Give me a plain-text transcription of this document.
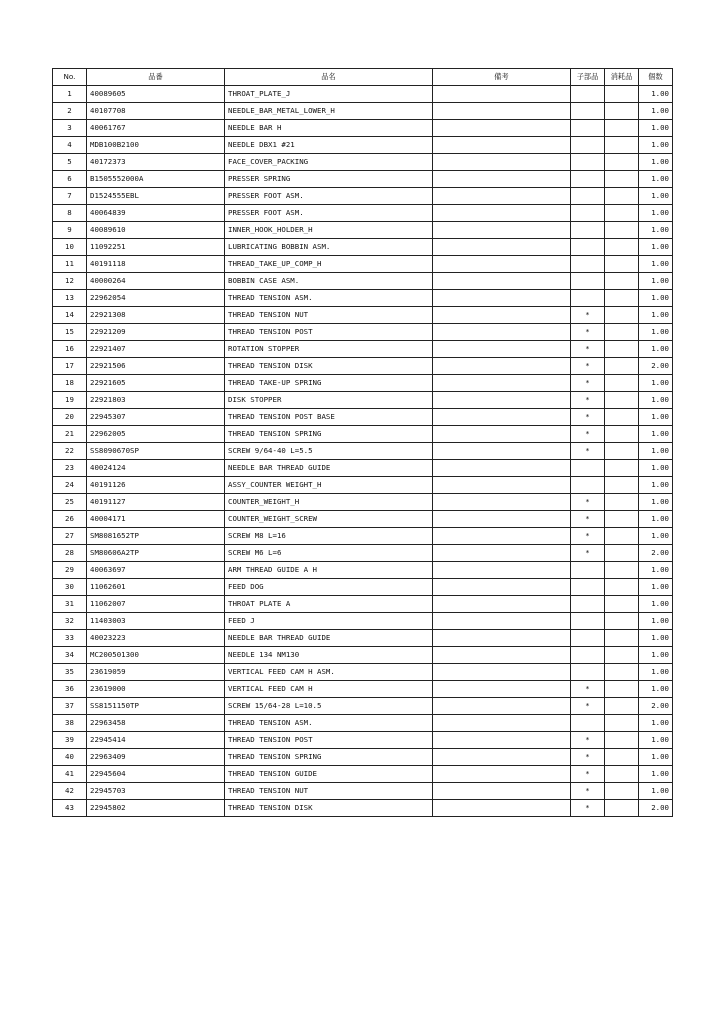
No.	品番	品名	備考	子部品	消耗品	個数
1	40089605	THROAT_PLATE_J				1.00
2	40107708	NEEDLE_BAR_METAL_LOWER_H				1.00
3	40061767	NEEDLE BAR H				1.00
4	MDB100B2100	NEEDLE DBX1 #21				1.00
5	40172373	FACE_COVER_PACKING				1.00
6	B1505552000A	PRESSER SPRING				1.00
7	D1524555EBL	PRESSER FOOT ASM.				1.00
8	40064839	PRESSER FOOT ASM.				1.00
9	40089610	INNER_HOOK_HOLDER_H				1.00
10	11092251	LUBRICATING BOBBIN ASM.				1.00
11	40191118	THREAD_TAKE_UP_COMP_H				1.00
12	40000264	BOBBIN CASE ASM.				1.00
13	22962054	THREAD TENSION ASM.				1.00
14	22921308	THREAD TENSION NUT		*		1.00
15	22921209	THREAD TENSION POST		*		1.00
16	22921407	ROTATION STOPPER		*		1.00
17	22921506	THREAD TENSION DISK		*		2.00
18	22921605	THREAD TAKE-UP SPRING		*		1.00
19	22921803	DISK STOPPER		*		1.00
20	22945307	THREAD TENSION POST BASE		*		1.00
21	22962005	THREAD TENSION SPRING		*		1.00
22	SS8090670SP	SCREW 9/64-40 L=5.5		*		1.00
23	40024124	NEEDLE BAR THREAD GUIDE				1.00
24	40191126	ASSY_COUNTER WEIGHT_H				1.00
25	40191127	COUNTER_WEIGHT_H		*		1.00
26	40004171	COUNTER_WEIGHT_SCREW		*		1.00
27	SM8081652TP	SCREW M8 L=16		*		1.00
28	SM80606A2TP	SCREW M6 L=6		*		2.00
29	40063697	ARM THREAD GUIDE A H				1.00
30	11062601	FEED DOG				1.00
31	11062007	THROAT PLATE A				1.00
32	11403003	FEED J				1.00
33	40023223	NEEDLE BAR THREAD GUIDE				1.00
34	MC200501300	NEEDLE 134 NM130				1.00
35	23619059	VERTICAL FEED CAM H ASM.				1.00
36	23619000	VERTICAL FEED CAM H		*		1.00
37	SS8151150TP	SCREW 15/64-28 L=10.5		*		2.00
38	22963458	THREAD TENSION ASM.				1.00
39	22945414	THREAD TENSION POST		*		1.00
40	22963409	THREAD TENSION SPRING		*		1.00
41	22945604	THREAD TENSION GUIDE		*		1.00
42	22945703	THREAD TENSION NUT		*		1.00
43	22945802	THREAD TENSION DISK		*		2.00
